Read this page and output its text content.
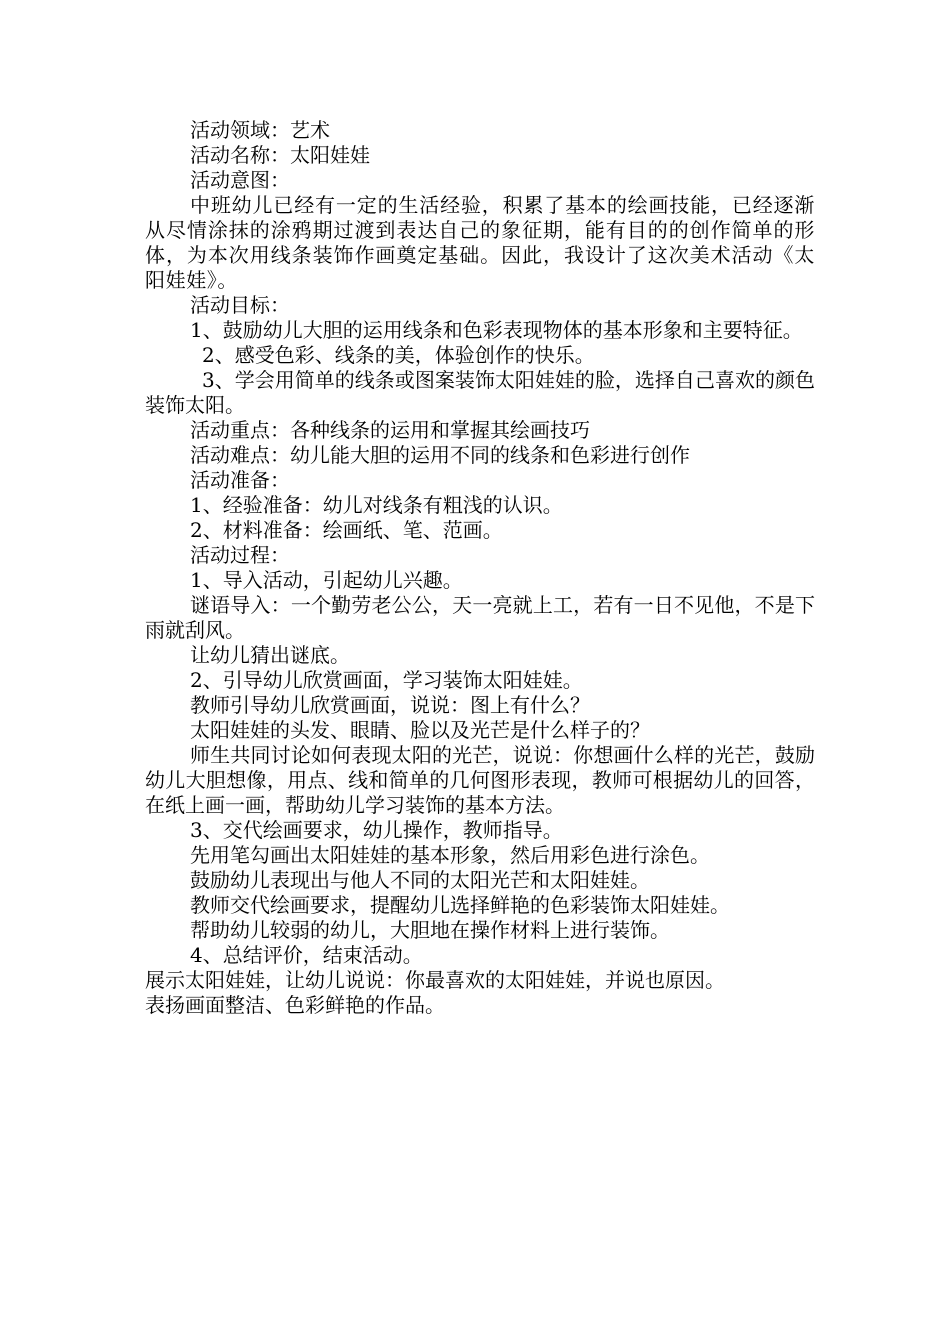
活动领域：艺术

活动名称：太阳娃娃

活动意图：

中班幼儿已经有一定的生活经验，积累了基本的绘画技能，已经逐渐从尽情涂抹的涂鸦期过渡到表达自己的象征期，能有目的的创作简单的形体，为本次用线条装饰作画奠定基础。因此，我设计了这次美术活动《太阳娃娃》。

活动目标：

1、鼓励幼儿大胆的运用线条和色彩表现物体的基本形象和主要特征。

2、感受色彩、线条的美，体验创作的快乐。

3、学会用简单的线条或图案装饰太阳娃娃的脸，选择自己喜欢的颜色装饰太阳。

活动重点：各种线条的运用和掌握其绘画技巧

活动难点：幼儿能大胆的运用不同的线条和色彩进行创作

活动准备：

1、经验准备：幼儿对线条有粗浅的认识。

2、材料准备：绘画纸、笔、范画。

活动过程：

1、导入活动，引起幼儿兴趣。

谜语导入：一个勤劳老公公，天一亮就上工，若有一日不见他，不是下雨就刮风。

让幼儿猜出谜底。

2、引导幼儿欣赏画面，学习装饰太阳娃娃。

教师引导幼儿欣赏画面，说说：图上有什么？

太阳娃娃的头发、眼睛、脸以及光芒是什么样子的？

师生共同讨论如何表现太阳的光芒，说说：你想画什么样的光芒，鼓励幼儿大胆想像，用点、线和简单的几何图形表现，教师可根据幼儿的回答，在纸上画一画，帮助幼儿学习装饰的基本方法。

3、交代绘画要求，幼儿操作，教师指导。

先用笔勾画出太阳娃娃的基本形象，然后用彩色进行涂色。

鼓励幼儿表现出与他人不同的太阳光芒和太阳娃娃。

教师交代绘画要求，提醒幼儿选择鲜艳的色彩装饰太阳娃娃。

帮助幼儿较弱的幼儿，大胆地在操作材料上进行装饰。

4、总结评价，结束活动。

展示太阳娃娃，让幼儿说说：你最喜欢的太阳娃娃，并说也原因。

表扬画面整洁、色彩鲜艳的作品。
